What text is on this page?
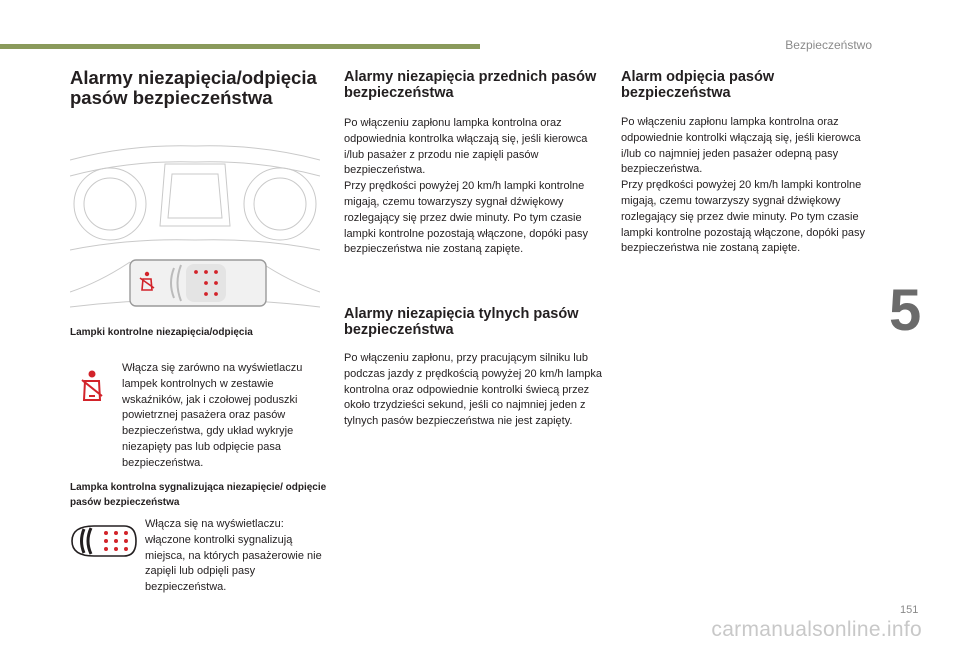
Bezpieczeństwo
5
151
carmanualsonline.info
Alarmy niezapięcia/odpięcia pasów bezpieczeństwa

Lampki kontrolne niezapięcia/odpięcia

Włącza się zarówno na wyświetlaczu lampek kontrolnych w zestawie wskaźników, jak i czołowej poduszki powietrznej pasażera oraz pasów bezpieczeństwa, gdy układ wykryje niezapięty pas lub odpięcie pasa bezpieczeństwa.

Lampka kontrolna sygnalizująca niezapięcie/ odpięcie pasów bezpieczeństwa

Włącza się na wyświetlaczu: włączone kontrolki sygnalizują miejsca, na których pasażerowie nie zapięli lub odpięli pasy bezpieczeństwa.

Alarmy niezapięcia przednich pasów bezpieczeństwa

Po włączeniu zapłonu lampka kontrolna oraz odpowiednia kontrolka włączają się, jeśli kierowca i/lub pasażer z przodu nie zapięli pasów bezpieczeństwa.

Przy prędkości powyżej 20 km/h lampki kontrolne migają, czemu towarzyszy sygnał dźwiękowy rozlegający się przez dwie minuty. Po tym czasie lampki kontrolne pozostają włączone, dopóki pasy bezpieczeństwa nie zostaną zapięte.

Alarmy niezapięcia tylnych pasów bezpieczeństwa

Po włączeniu zapłonu, przy pracującym silniku lub podczas jazdy z prędkością powyżej 20 km/h lampka kontrolna oraz odpowiednie kontrolki świecą przez około trzydzieści sekund, jeśli co najmniej jeden z tylnych pasów bezpieczeństwa nie jest zapięty.

Alarm odpięcia pasów bezpieczeństwa

Po włączeniu zapłonu lampka kontrolna oraz odpowiednie kontrolki włączają się, jeśli kierowca i/lub co najmniej jeden pasażer odepną pasy bezpieczeństwa.

Przy prędkości powyżej 20 km/h lampki kontrolne migają, czemu towarzyszy sygnał dźwiękowy rozlegający się przez dwie minuty. Po tym czasie lampki kontrolne pozostają włączone, dopóki pasy bezpieczeństwa nie zostaną zapięte.
